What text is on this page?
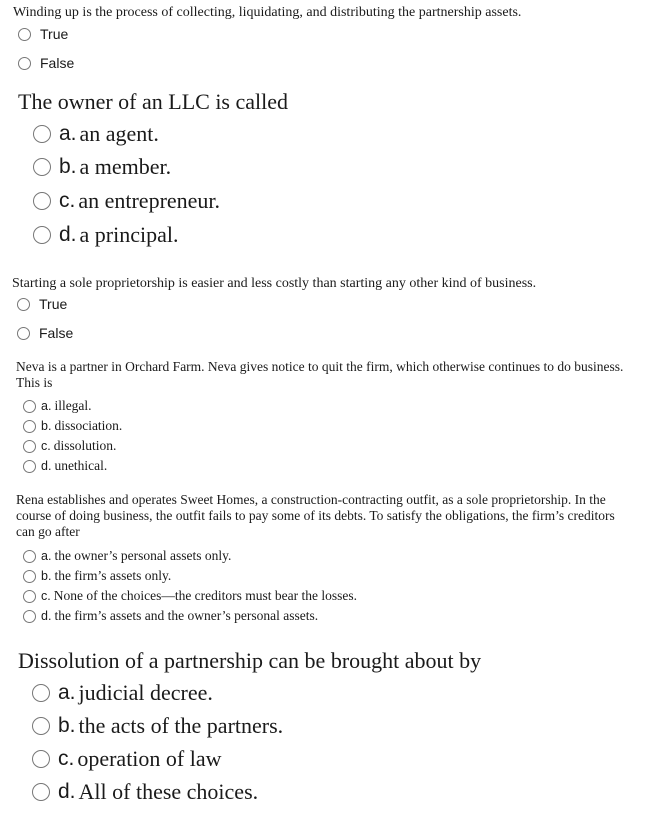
Winding up is the process of collecting, liquidating, and distributing the partnership assets.
True
False
The owner of an LLC is called
a. an agent.
b. a member.
c. an entrepreneur.
d. a principal.
Starting a sole proprietorship is easier and less costly than starting any other kind of business.
True
False
Neva is a partner in Orchard Farm. Neva gives notice to quit the firm, which otherwise continues to do business. This is
a. illegal.
b. dissociation.
c. dissolution.
d. unethical.
Rena establishes and operates Sweet Homes, a construction-contracting outfit, as a sole proprietorship. In the course of doing business, the outfit fails to pay some of its debts. To satisfy the obligations, the firm’s creditors can go after
a. the owner’s personal assets only.
b. the firm’s assets only.
c. None of the choices—the creditors must bear the losses.
d. the firm’s assets and the owner’s personal assets.
Dissolution of a partnership can be brought about by
a. judicial decree.
b. the acts of the partners.
c. operation of law
d. All of these choices.
